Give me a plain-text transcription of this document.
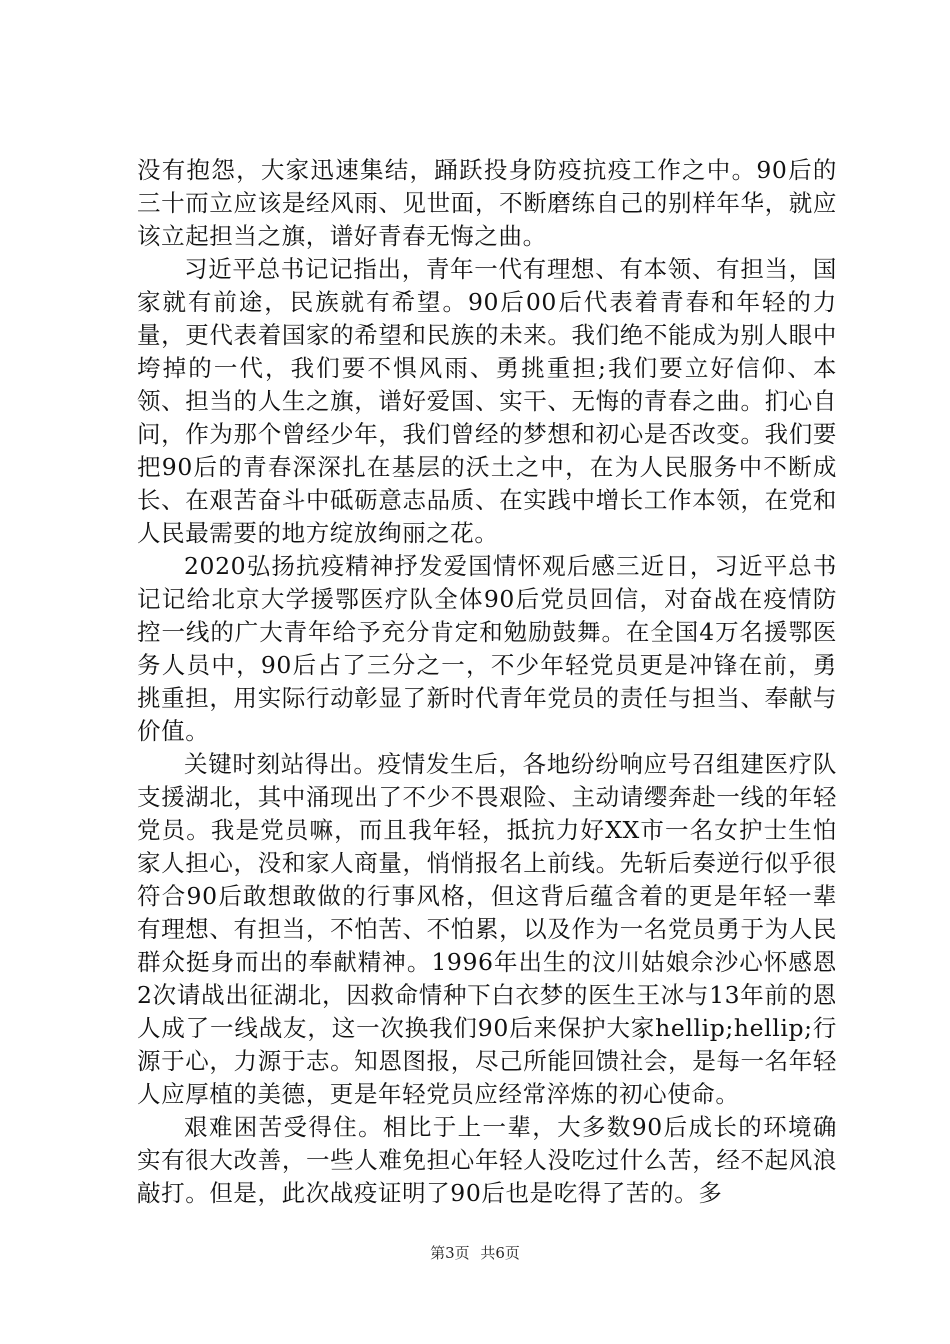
没有抱怨，大家迅速集结，踊跃投身防疫抗疫工作之中。90后的三十而立应该是经风雨、见世面，不断磨练自己的别样年华，就应该立起担当之旗，谱好青春无悔之曲。

习近平总书记记指出，青年一代有理想、有本领、有担当，国家就有前途，民族就有希望。90后00后代表着青春和年轻的力量，更代表着国家的希望和民族的未来。我们绝不能成为别人眼中垮掉的一代，我们要不惧风雨、勇挑重担;我们要立好信仰、本领、担当的人生之旗，谱好爱国、实干、无悔的青春之曲。扪心自问，作为那个曾经少年，我们曾经的梦想和初心是否改变。我们要把90后的青春深深扎在基层的沃土之中，在为人民服务中不断成长、在艰苦奋斗中砥砺意志品质、在实践中增长工作本领，在党和人民最需要的地方绽放绚丽之花。

2020弘扬抗疫精神抒发爱国情怀观后感三近日，习近平总书记记给北京大学援鄂医疗队全体90后党员回信，对奋战在疫情防控一线的广大青年给予充分肯定和勉励鼓舞。在全国4万名援鄂医务人员中，90后占了三分之一，不少年轻党员更是冲锋在前，勇挑重担，用实际行动彰显了新时代青年党员的责任与担当、奉献与价值。

关键时刻站得出。疫情发生后，各地纷纷响应号召组建医疗队支援湖北，其中涌现出了不少不畏艰险、主动请缨奔赴一线的年轻党员。我是党员嘛，而且我年轻，抵抗力好XX市一名女护士生怕家人担心，没和家人商量，悄悄报名上前线。先斩后奏逆行似乎很符合90后敢想敢做的行事风格，但这背后蕴含着的更是年轻一辈有理想、有担当，不怕苦、不怕累，以及作为一名党员勇于为人民群众挺身而出的奉献精神。1996年出生的汶川姑娘佘沙心怀感恩2次请战出征湖北，因救命情种下白衣梦的医生王冰与13年前的恩人成了一线战友，这一次换我们90后来保护大家hellip;hellip;行源于心，力源于志。知恩图报，尽己所能回馈社会，是每一名年轻人应厚植的美德，更是年轻党员应经常淬炼的初心使命。

艰难困苦受得住。相比于上一辈，大多数90后成长的环境确实有很大改善，一些人难免担心年轻人没吃过什么苦，经不起风浪敲打。但是，此次战疫证明了90后也是吃得了苦的。多

第3页 共6页
